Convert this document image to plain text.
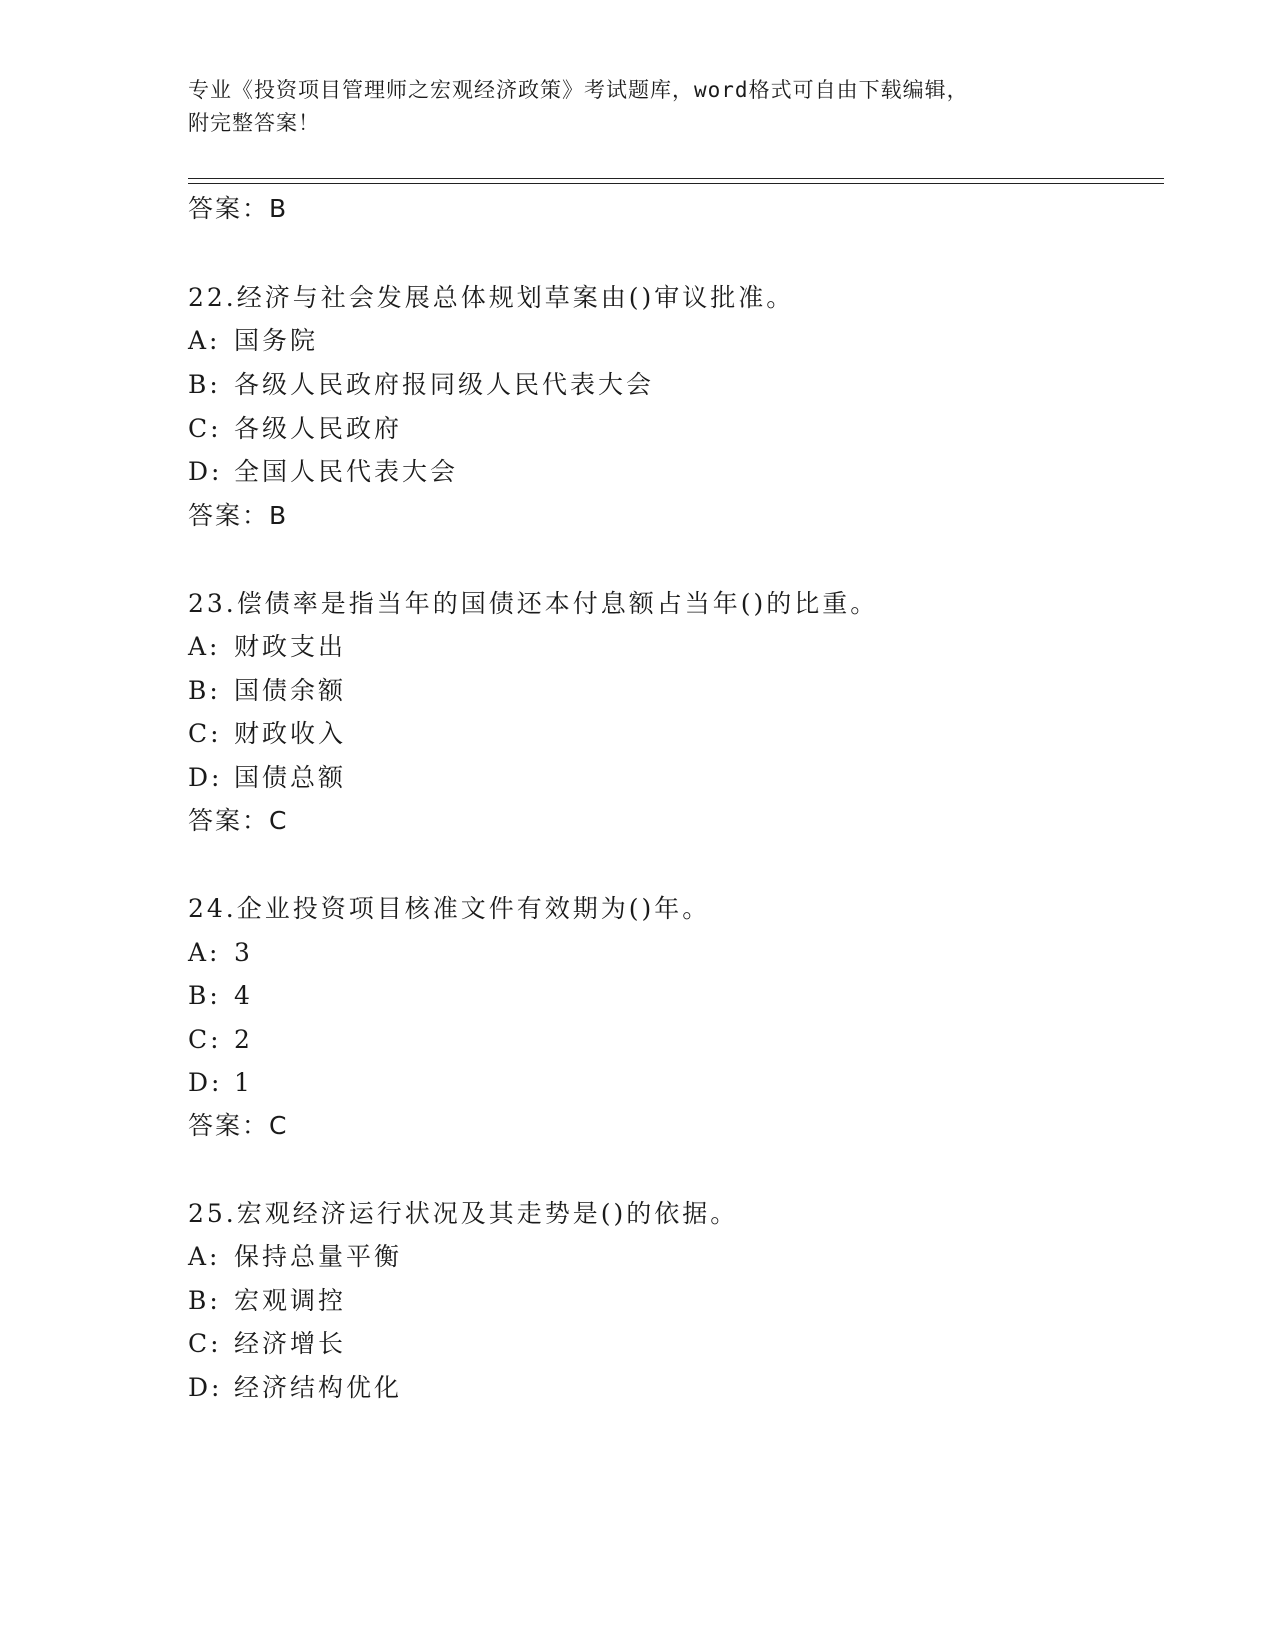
专业《投资项目管理师之宏观经济政策》考试题库，word格式可自由下载编辑，
附完整答案！
答案：B
22.经济与社会发展总体规划草案由()审议批准。
A: 国务院
B: 各级人民政府报同级人民代表大会
C: 各级人民政府
D: 全国人民代表大会
答案：B
23.偿债率是指当年的国债还本付息额占当年()的比重。
A: 财政支出
B: 国债余额
C: 财政收入
D: 国债总额
答案：C
24.企业投资项目核准文件有效期为()年。
A: 3
B: 4
C: 2
D: 1
答案：C
25.宏观经济运行状况及其走势是()的依据。
A: 保持总量平衡
B: 宏观调控
C: 经济增长
D: 经济结构优化
